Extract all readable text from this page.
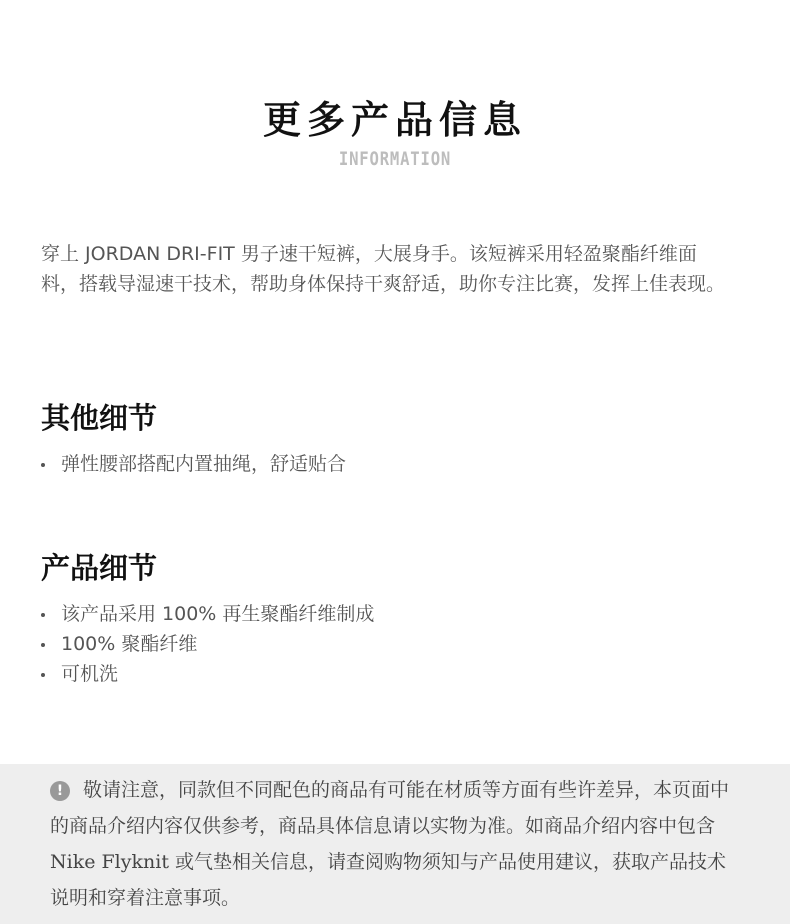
更多产品信息
INFORMATION

穿上 JORDAN DRI-FIT 男子速干短裤，大展身手。该短裤采用轻盈聚酯纤维面料，搭载导湿速干技术，帮助身体保持干爽舒适，助你专注比赛，发挥上佳表现。

其他细节
弹性腰部搭配内置抽绳，舒适贴合
产品细节
该产品采用 100% 再生聚酯纤维制成
100% 聚酯纤维
可机洗

! 敬请注意，同款但不同配色的商品有可能在材质等方面有些许差异，本页面中的商品介绍内容仅供参考，商品具体信息请以实物为准。如商品介绍内容中包含 Nike Flyknit 或气垫相关信息，请查阅购物须知与产品使用建议，获取产品技术说明和穿着注意事项。
